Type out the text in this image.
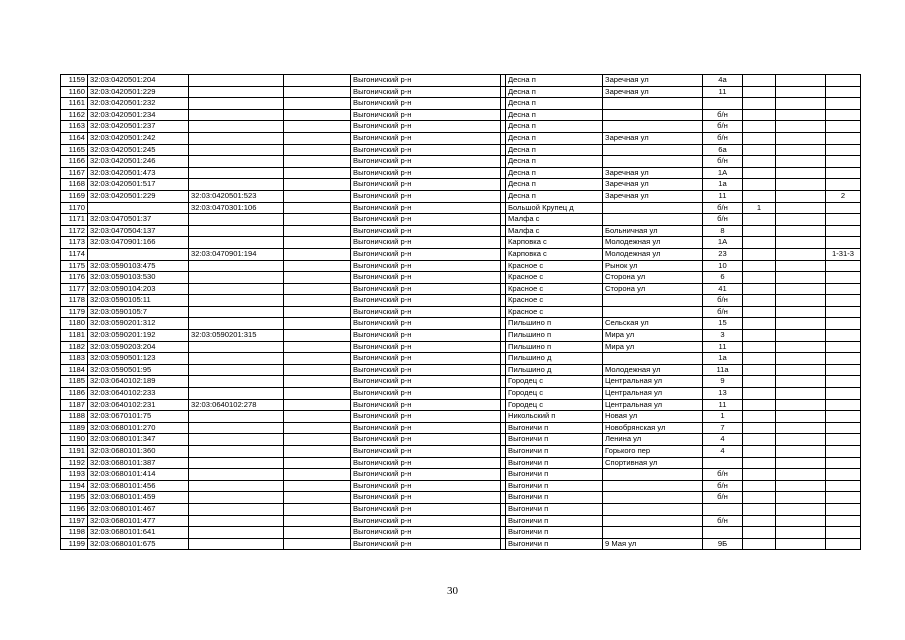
1159	32:03:0420501:204			Выгоничский р-н		Десна п	Заречная ул	4а			
1160	32:03:0420501:229			Выгоничский р-н		Десна п	Заречная ул	11			
1161	32:03:0420501:232			Выгоничский р-н		Десна п					
1162	32:03:0420501:234			Выгоничский р-н		Десна п		б/н			
1163	32:03:0420501:237			Выгоничский р-н		Десна п		б/н			
1164	32:03:0420501:242			Выгоничский р-н		Десна п	Заречная ул	б/н			
1165	32:03:0420501:245			Выгоничский р-н		Десна п		6а			
1166	32:03:0420501:246			Выгоничский р-н		Десна п		б/н			
1167	32:03:0420501:473			Выгоничский р-н		Десна п	Заречная ул	1А			
1168	32:03:0420501:517			Выгоничский р-н		Десна п	Заречная ул	1а			
1169	32:03:0420501:229	32:03:0420501:523		Выгоничский р-н		Десна п	Заречная ул	11			2
1170		32:03:0470301:106		Выгоничский р-н		Большой Крупец д		б/н	1		
1171	32:03:0470501:37			Выгоничский р-н		Малфа с		б/н			
1172	32:03:0470504:137			Выгоничский р-н		Малфа с	Больничная ул	8			
1173	32:03:0470901:166			Выгоничский р-н		Карповка с	Молодежная ул	1А			
1174		32:03:0470901:194		Выгоничский р-н		Карповка с	Молодежная ул	23			1-31-3
1175	32:03:0590103:475			Выгоничский р-н		Красное с	Рынок ул	10			
1176	32:03:0590103:530			Выгоничский р-н		Красное с	Сторона ул	6			
1177	32:03:0590104:203			Выгоничский р-н		Красное с	Сторона ул	41			
1178	32:03:0590105:11			Выгоничский р-н		Красное с		б/н			
1179	32:03:0590105:7			Выгоничский р-н		Красное с		б/н			
1180	32:03:0590201:312			Выгоничский р-н		Пильшино п	Сельская ул	15			
1181	32:03:0590201:192	32:03:0590201:315		Выгоничский р-н		Пильшино п	Мира ул	3			
1182	32:03:0590203:204			Выгоничский р-н		Пильшино п	Мира ул	11			
1183	32:03:0590501:123			Выгоничский р-н		Пильшино д		1а			
1184	32:03:0590501:95			Выгоничский р-н		Пильшино д	Молодежная ул	11а			
1185	32:03:0640102:189			Выгоничский р-н		Городец с	Центральная ул	9			
1186	32:03:0640102:233			Выгоничский р-н		Городец с	Центральная ул	13			
1187	32:03:0640102:231	32:03:0640102:278		Выгоничский р-н		Городец с	Центральная ул	11			
1188	32:03:0670101:75			Выгоничский р-н		Никольский п	Новая ул	1			
1189	32:03:0680101:270			Выгоничский р-н		Выгоничи п	Новобрянская ул	7			
1190	32:03:0680101:347			Выгоничский р-н		Выгоничи п	Ленина ул	4			
1191	32:03:0680101:360			Выгоничский р-н		Выгоничи п	Горького пер	4			
1192	32:03:0680101:387			Выгоничский р-н		Выгоничи п	Спортивная ул				
1193	32:03:0680101:414			Выгоничский р-н		Выгоничи п		б/н			
1194	32:03:0680101:456			Выгоничский р-н		Выгоничи п		б/н			
1195	32:03:0680101:459			Выгоничский р-н		Выгоничи п		б/н			
1196	32:03:0680101:467			Выгоничский р-н		Выгоничи п					
1197	32:03:0680101:477			Выгоничский р-н		Выгоничи п		б/н			
1198	32:03:0680101:641			Выгоничский р-н		Выгоничи п					
1199	32:03:0680101:675			Выгоничский р-н		Выгоничи п	9 Мая ул	9Б			
30
